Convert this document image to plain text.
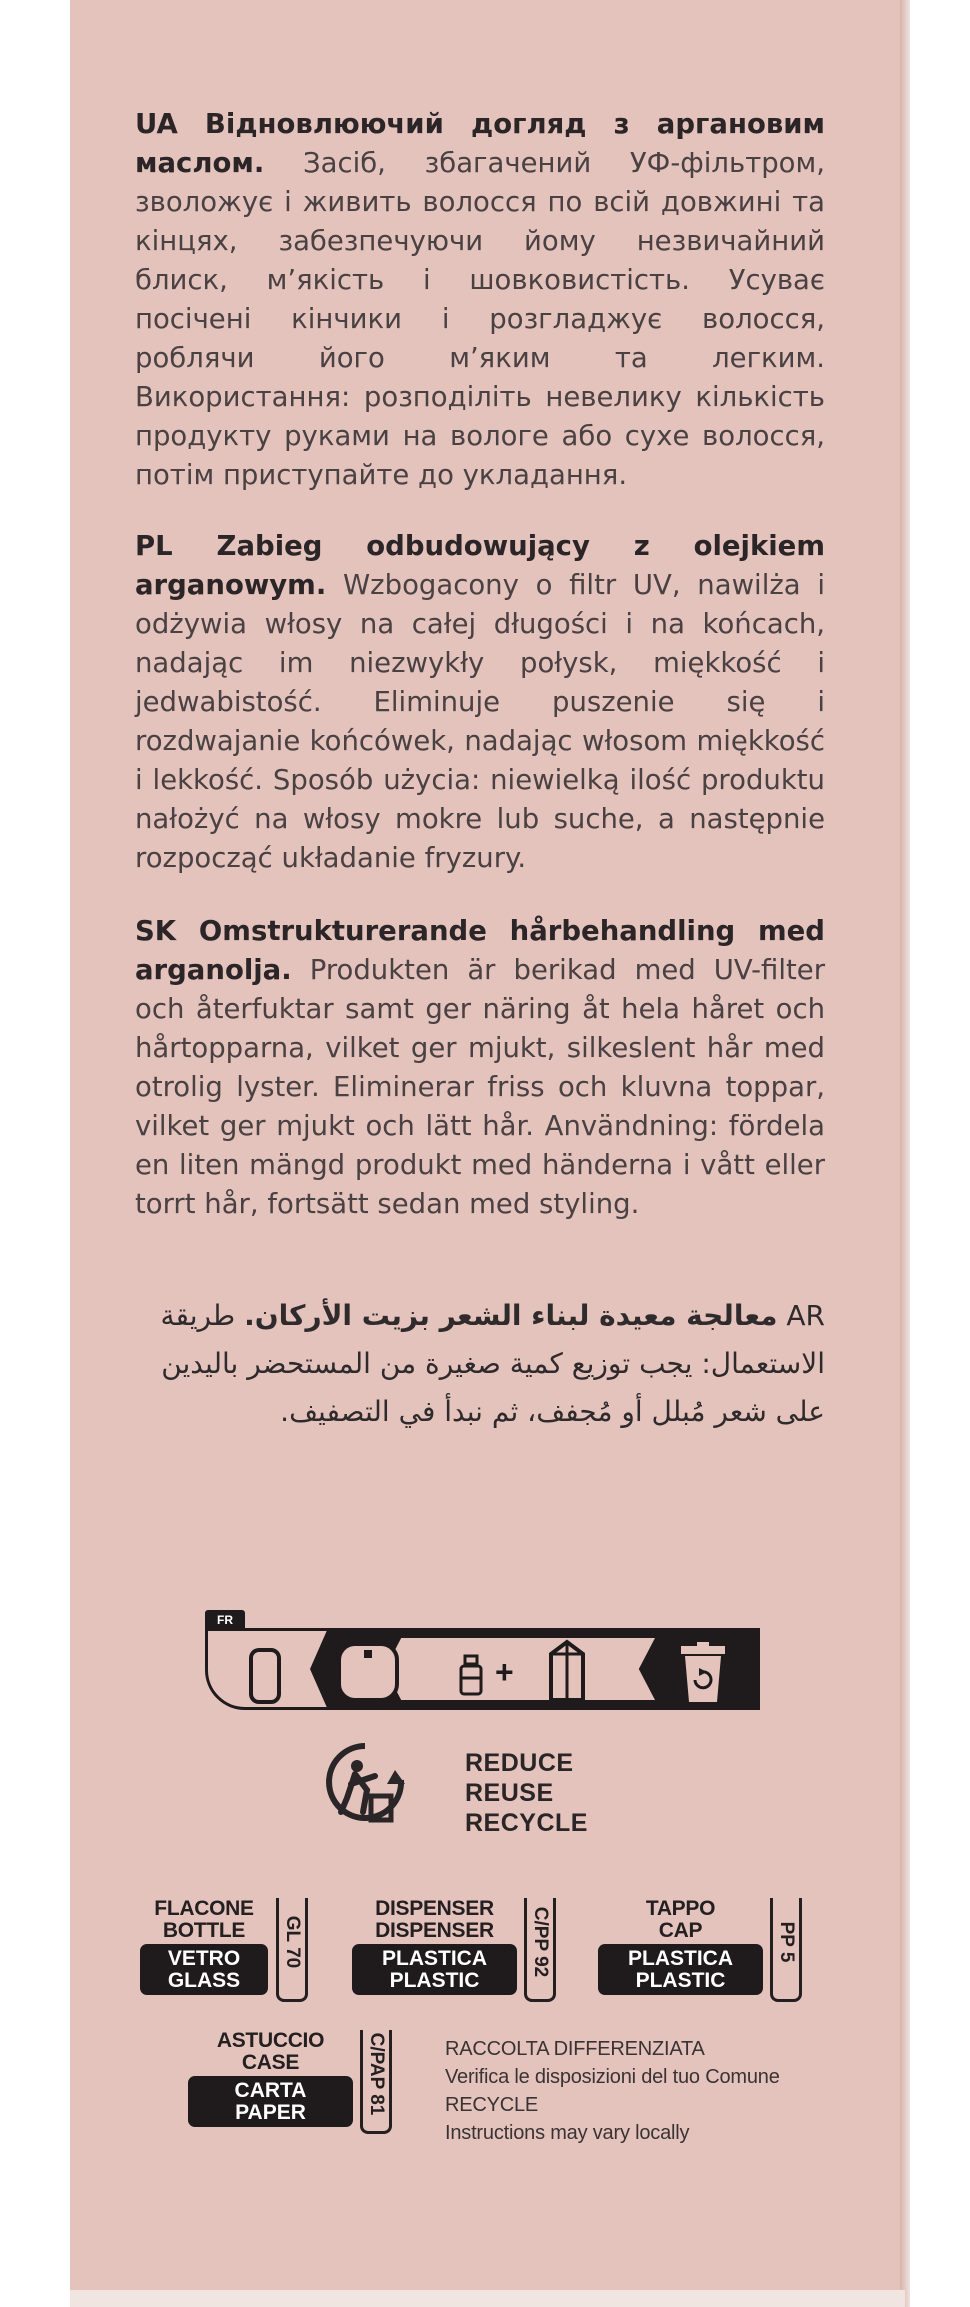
UA Відновлюючий догляд з аргановим маслом. Засіб, збагачений УФ-фільтром, зволожує і живить волосся по всій довжині та кінцях, забезпечуючи йому незвичайний блиск, м’якість і шовковистість. Усуває посічені кінчики і розгладжує волосся, роблячи його м’яким та легким. Використання: розподіліть невелику кількість продукту руками на вологе або сухе волосся, потім приступайте до укладання.
PL Zabieg odbudowujący z olejkiem arganowym. Wzbogacony o filtr UV, nawilża i odżywia włosy na całej długości i na końcach, nadając im niezwykły połysk, miękkość i jedwabistość. Eliminuje puszenie się i rozdwajanie końcówek, nadając włosom miękkość i lekkość. Sposób użycia: niewielką ilość produktu nałożyć na włosy mokre lub suche, a następnie rozpocząć układanie fryzury.
SK Omstrukturerande hårbehandling med arganolja. Produkten är berikad med UV-filter och återfuktar samt ger näring åt hela håret och hårtopparna, vilket ger mjukt, silkeslent hår med otrolig lyster. Eliminerar friss och kluvna toppar, vilket ger mjukt och lätt hår. Användning: fördela en liten mängd produkt med händerna i vått eller torrt hår, fortsätt sedan med styling.
AR معالجة معيدة لبناء الشعر بزيت الأركان. طريقة الاستعمال: يجب توزيع كمية صغيرة من المستحضر باليدين على شعر مُبلل أو مُجفف، ثم نبدأ في التصفيف.
FR
+
REDUCE
REUSE
RECYCLE
FLACONE
BOTTLE
VETRO
GLASS
GL 70
DISPENSER
DISPENSER
PLASTICA
PLASTIC
C/PP 92	TAPPO
CAP
PLASTICA
PLASTIC
PP 5
ASTUCCIO
CASE
CARTA
PAPER	C/PAP 81	RACCOLTA DIFFERENZIATA
Verifica le disposizioni del tuo Comune
RECYCLE
Instructions may vary locally
